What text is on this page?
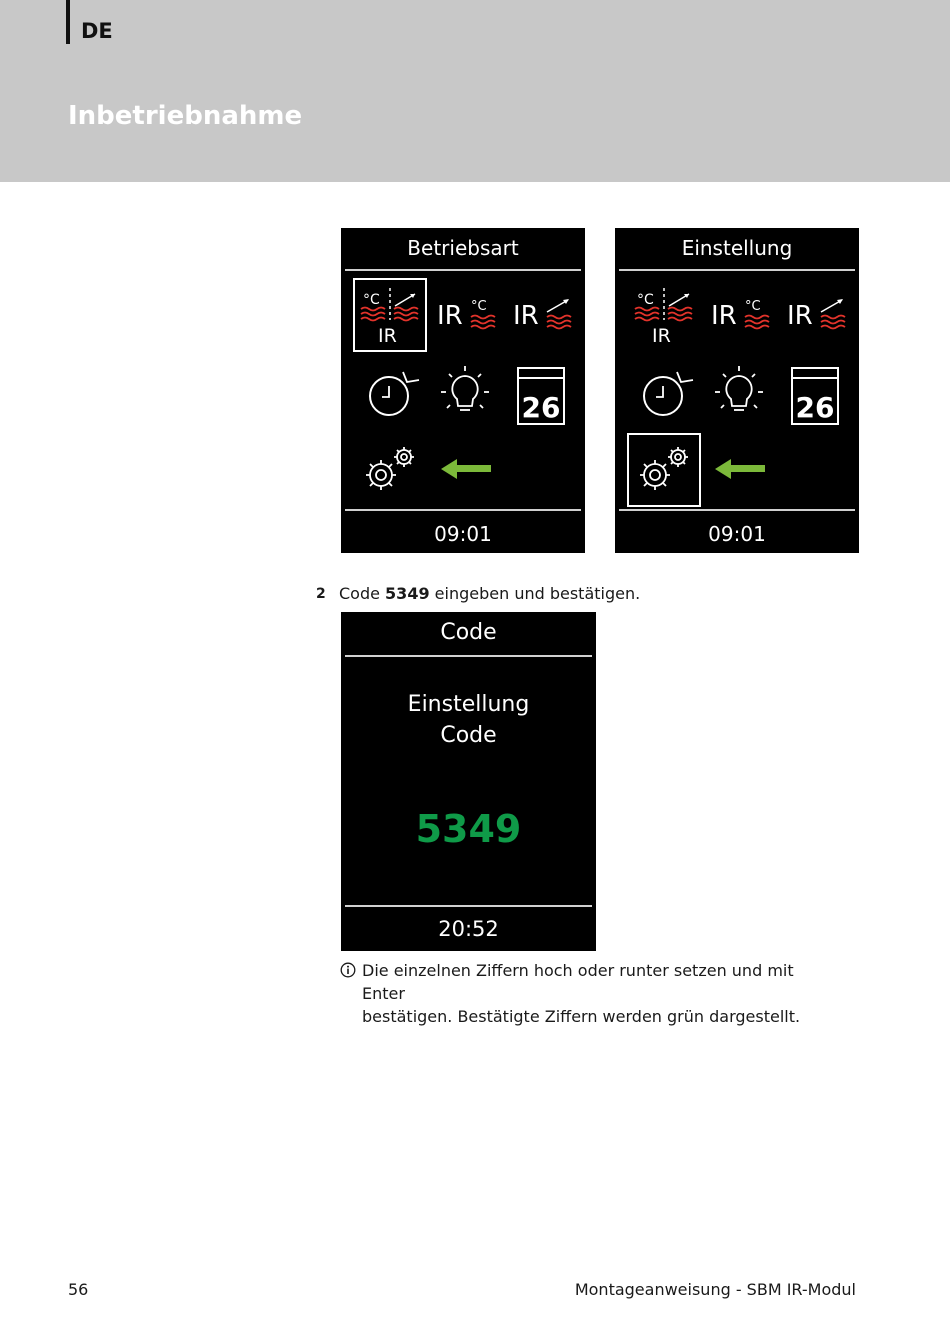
DE
Inbetriebnahme
Betriebsart
°C
IR
IR °C IR
26
09:01
Einstellung
°C
IR
IR °C IR
26
09:01
2 Code 5349 eingeben und bestätigen.
Code
Einstellung
Code
5349
20:52
Die einzelnen Ziffern hoch oder runter setzen und mit Enter
bestätigen. Bestätigte Ziffern werden grün dargestellt.
56	Montageanweisung - SBM IR-Modul
